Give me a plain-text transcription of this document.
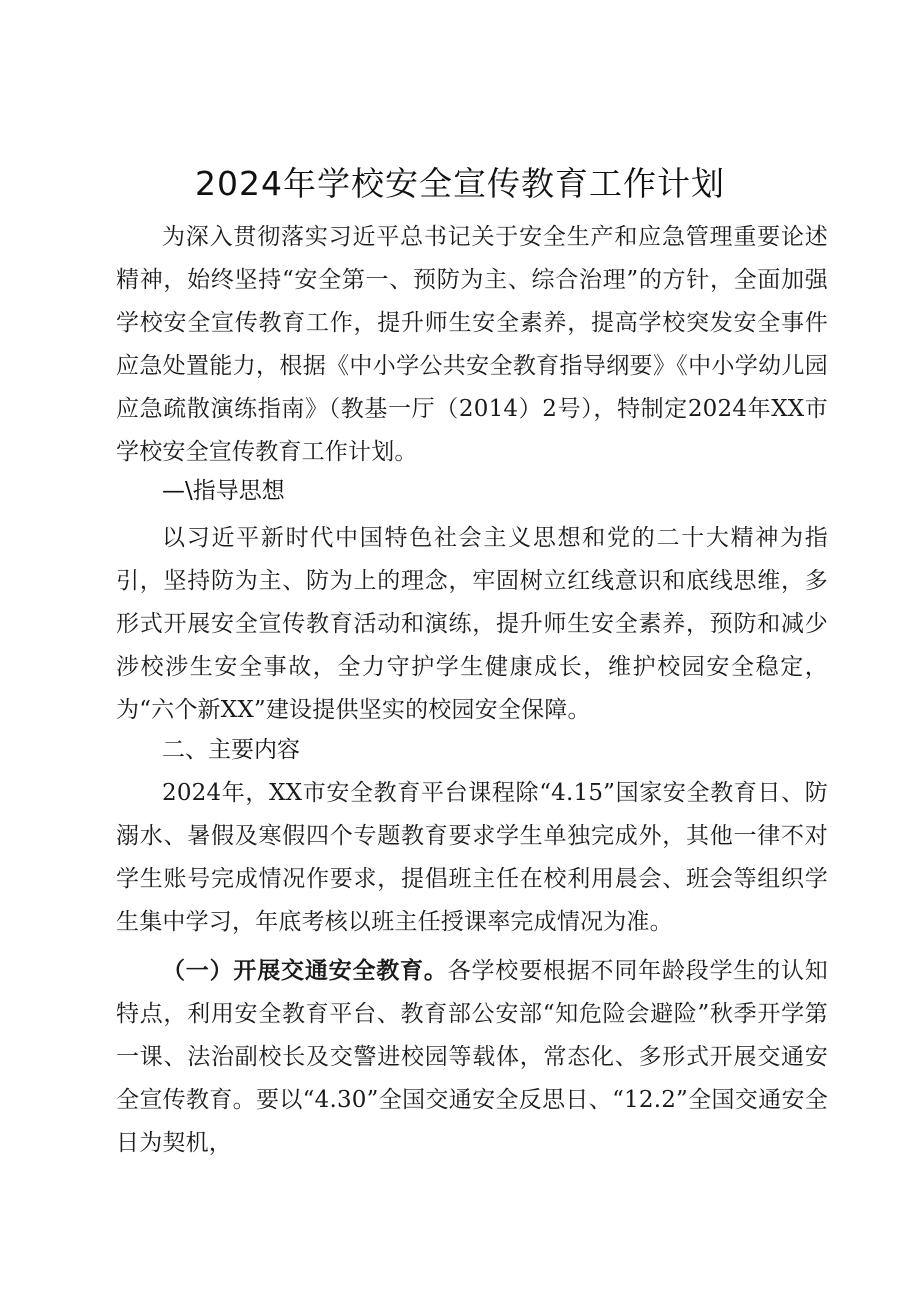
2024年学校安全宣传教育工作计划
为深入贯彻落实习近平总书记关于安全生产和应急管理重要论述精神，始终坚持“安全第一、预防为主、综合治理”的方针，全面加强学校安全宣传教育工作，提升师生安全素养，提高学校突发安全事件应急处置能力，根据《中小学公共安全教育指导纲要》《中小学幼儿园应急疏散演练指南》（教基一厅（2014）2号），特制定2024年XX市学校安全宣传教育工作计划。
—\指导思想
以习近平新时代中国特色社会主义思想和党的二十大精神为指引，坚持防为主、防为上的理念，牢固树立红线意识和底线思维，多形式开展安全宣传教育活动和演练，提升师生安全素养，预防和减少涉校涉生安全事故，全力守护学生健康成长，维护校园安全稳定，为“六个新XX”建设提供坚实的校园安全保障。
二、主要内容
2024年，XX市安全教育平台课程除“4.15”国家安全教育日、防溺水、暑假及寒假四个专题教育要求学生单独完成外，其他一律不对学生账号完成情况作要求，提倡班主任在校利用晨会、班会等组织学生集中学习，年底考核以班主任授课率完成情况为准。
（一）开展交通安全教育。各学校要根据不同年龄段学生的认知特点，利用安全教育平台、教育部公安部“知危险会避险”秋季开学第一课、法治副校长及交警进校园等载体，常态化、多形式开展交通安全宣传教育。要以“4.30”全国交通安全反思日、“12.2”全国交通安全日为契机，
